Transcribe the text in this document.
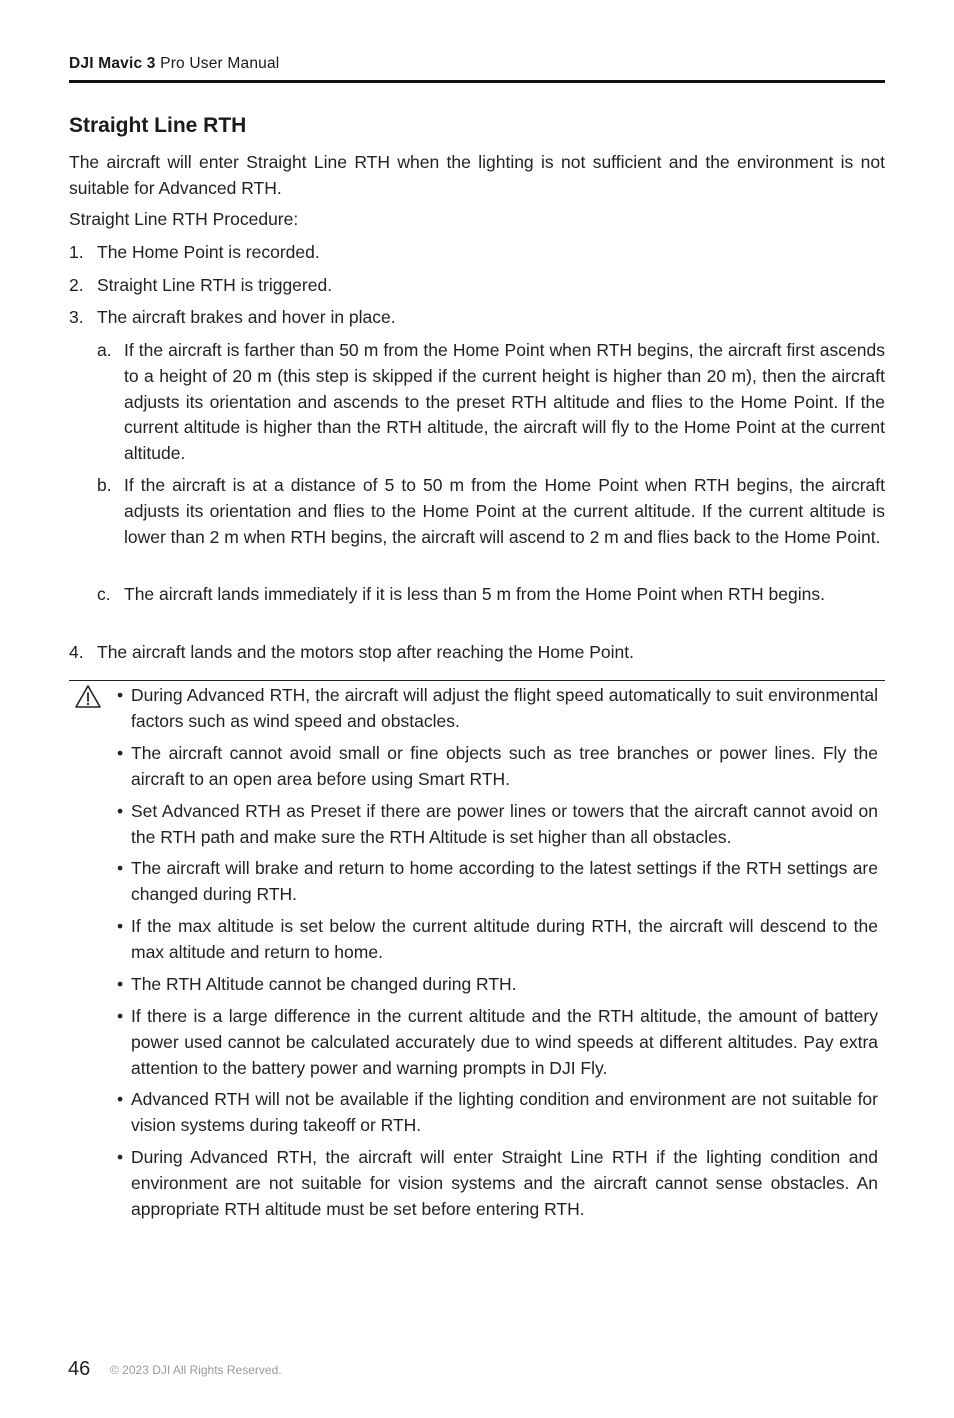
DJI Mavic 3 Pro User Manual
Straight Line RTH

The aircraft will enter Straight Line RTH when the lighting is not sufficient and the environment is not suitable for Advanced RTH.

Straight Line RTH Procedure:

1. The Home Point is recorded.
2. Straight Line RTH is triggered.
3. The aircraft brakes and hover in place.
a. If the aircraft is farther than 50 m from the Home Point when RTH begins, the aircraft first ascends to a height of 20 m (this step is skipped if the current height is higher than 20 m), then the aircraft adjusts its orientation and ascends to the preset RTH altitude and flies to the Home Point. If the current altitude is higher than the RTH altitude, the aircraft will fly to the Home Point at the current altitude.
b. If the aircraft is at a distance of 5 to 50 m from the Home Point when RTH begins, the aircraft adjusts its orientation and flies to the Home Point at the current altitude. If the current altitude is lower than 2 m when RTH begins, the aircraft will ascend to 2 m and flies back to the Home Point.
c. The aircraft lands immediately if it is less than 5 m from the Home Point when RTH begins.
4. The aircraft lands and the motors stop after reaching the Home Point.
• During Advanced RTH, the aircraft will adjust the flight speed automatically to suit environmental factors such as wind speed and obstacles.
• The aircraft cannot avoid small or fine objects such as tree branches or power lines. Fly the aircraft to an open area before using Smart RTH.
• Set Advanced RTH as Preset if there are power lines or towers that the aircraft cannot avoid on the RTH path and make sure the RTH Altitude is set higher than all obstacles.
• The aircraft will brake and return to home according to the latest settings if the RTH settings are changed during RTH.
• If the max altitude is set below the current altitude during RTH, the aircraft will descend to the max altitude and return to home.
• The RTH Altitude cannot be changed during RTH.
• If there is a large difference in the current altitude and the RTH altitude, the amount of battery power used cannot be calculated accurately due to wind speeds at different altitudes. Pay extra attention to the battery power and warning prompts in DJI Fly.
• Advanced RTH will not be available if the lighting condition and environment are not suitable for vision systems during takeoff or RTH.
• During Advanced RTH, the aircraft will enter Straight Line RTH if the lighting condition and environment are not suitable for vision systems and the aircraft cannot sense obstacles. An appropriate RTH altitude must be set before entering RTH.
46 © 2023 DJI All Rights Reserved.
